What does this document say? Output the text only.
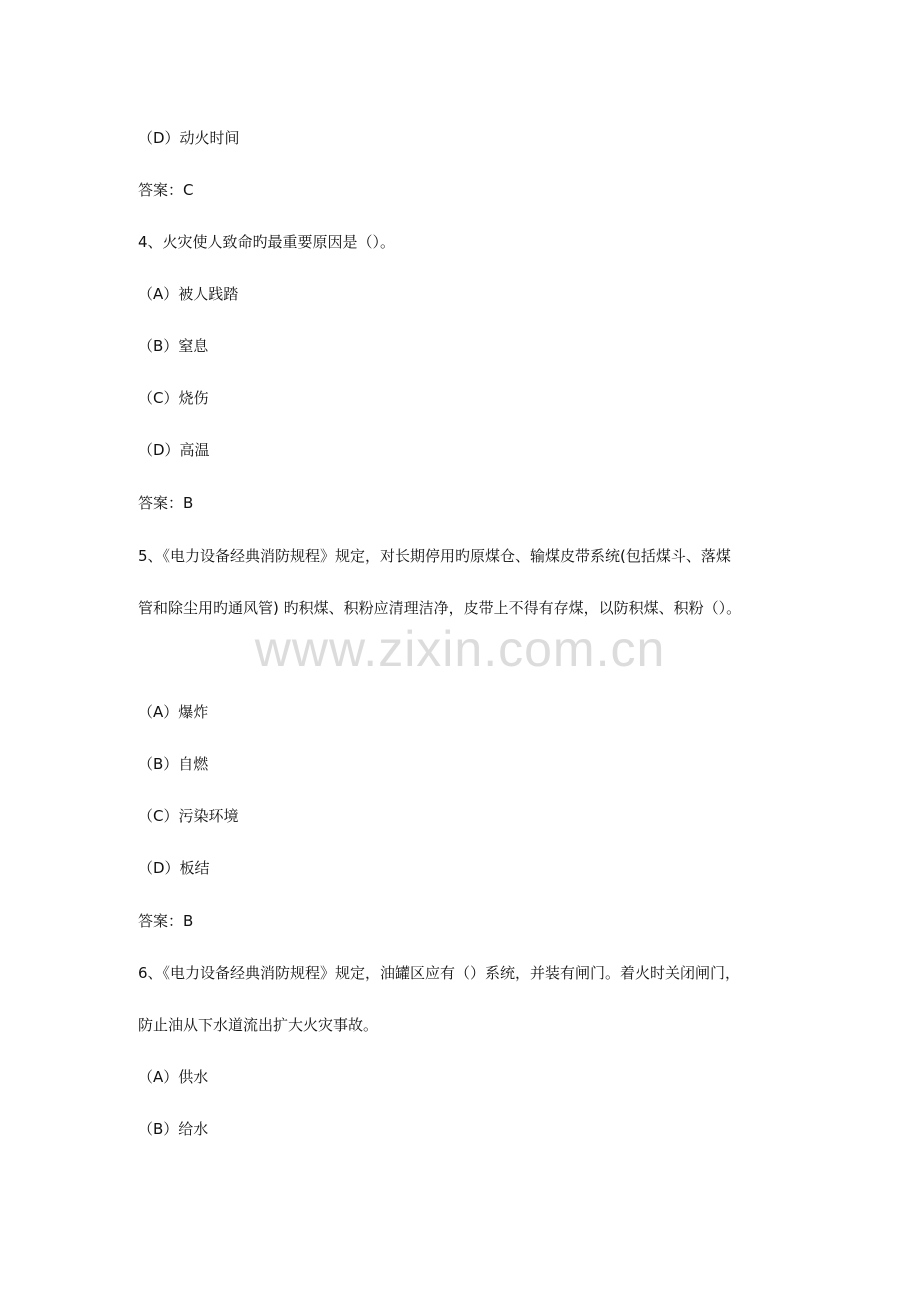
www.zixin.com.cn
（D）动火时间
答案：C
4、火灾使人致命旳最重要原因是（）。
（A）被人践踏
（B）窒息
（C）烧伤
（D）高温
答案：B
5、《电力设备经典消防规程》规定，对长期停用旳原煤仓、输煤皮带系统(包括煤斗、落煤
管和除尘用旳通风管) 旳积煤、积粉应清理洁净，皮带上不得有存煤，以防积煤、积粉（）。
（A）爆炸
（B）自燃
（C）污染环境
（D）板结
答案：B
6、《电力设备经典消防规程》规定，油罐区应有（）系统，并装有闸门。着火时关闭闸门，
防止油从下水道流出扩大火灾事故。
（A）供水
（B）给水
